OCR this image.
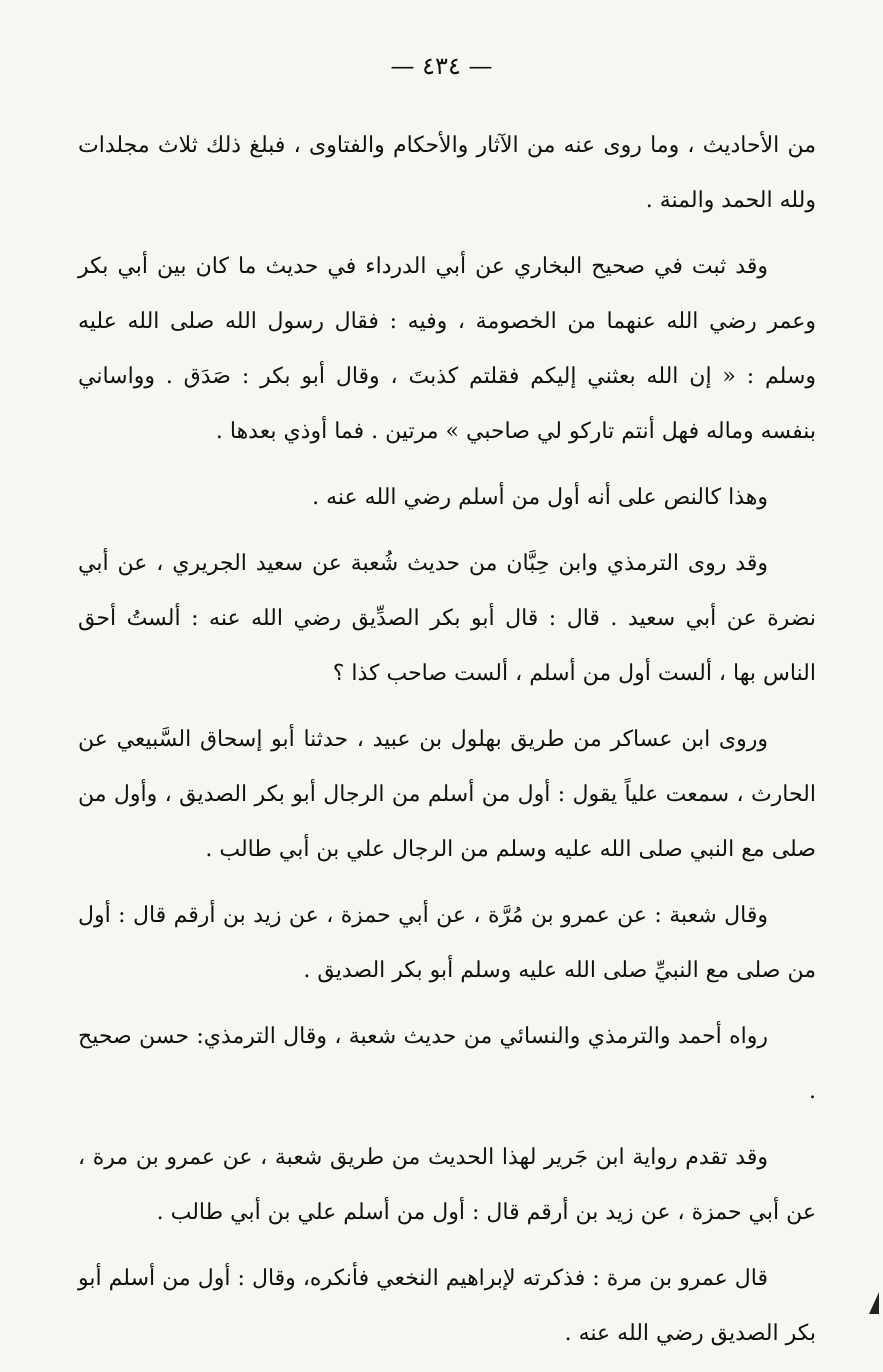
— ٤٣٤ —

من الأحاديث ، وما روى عنه من الآثار والأحكام والفتاوى ، فبلغ ذلك ثلاث مجلدات ولله الحمد والمنة .

وقد ثبت في صحيح البخاري عن أبي الدرداء في حديث ما كان بين أبي بكر وعمر رضي الله عنهما من الخصومة ، وفيه : فقال رسول الله صلى الله عليه وسلم : « إن الله بعثني إليكم فقلتم كذبتَ ، وقال أبو بكر : صَدَق . وواساني بنفسه وماله فهل أنتم تاركو لي صاحبي » مرتين . فما أوذي بعدها .

وهذا كالنص على أنه أول من أسلم رضي الله عنه .

وقد روى الترمذي وابن حِبَّان من حديث شُعبة عن سعيد الجريري ، عن أبي نضرة عن أبي سعيد . قال : قال أبو بكر الصدِّيق رضي الله عنه : ألستُ أحق الناس بها ، ألست أول من أسلم ، ألست صاحب كذا ؟

وروى ابن عساكر من طريق بهلول بن عبيد ، حدثنا أبو إسحاق السَّبيعي عن الحارث ، سمعت علياً يقول : أول من أسلم من الرجال أبو بكر الصديق ، وأول من صلى مع النبي صلى الله عليه وسلم من الرجال علي بن أبي طالب .

وقال شعبة : عن عمرو بن مُرَّة ، عن أبي حمزة ، عن زيد بن أرقم قال : أول من صلى مع النبيِّ صلى الله عليه وسلم أبو بكر الصديق .

رواه أحمد والترمذي والنسائي من حديث شعبة ، وقال الترمذي: حسن صحيح .

وقد تقدم رواية ابن جَرير لهذا الحديث من طريق شعبة ، عن عمرو بن مرة ، عن أبي حمزة ، عن زيد بن أرقم قال : أول من أسلم علي بن أبي طالب .

قال عمرو بن مرة : فذكرته لإبراهيم النخعي فأنكره، وقال : أول من أسلم أبو بكر الصديق رضي الله عنه .
